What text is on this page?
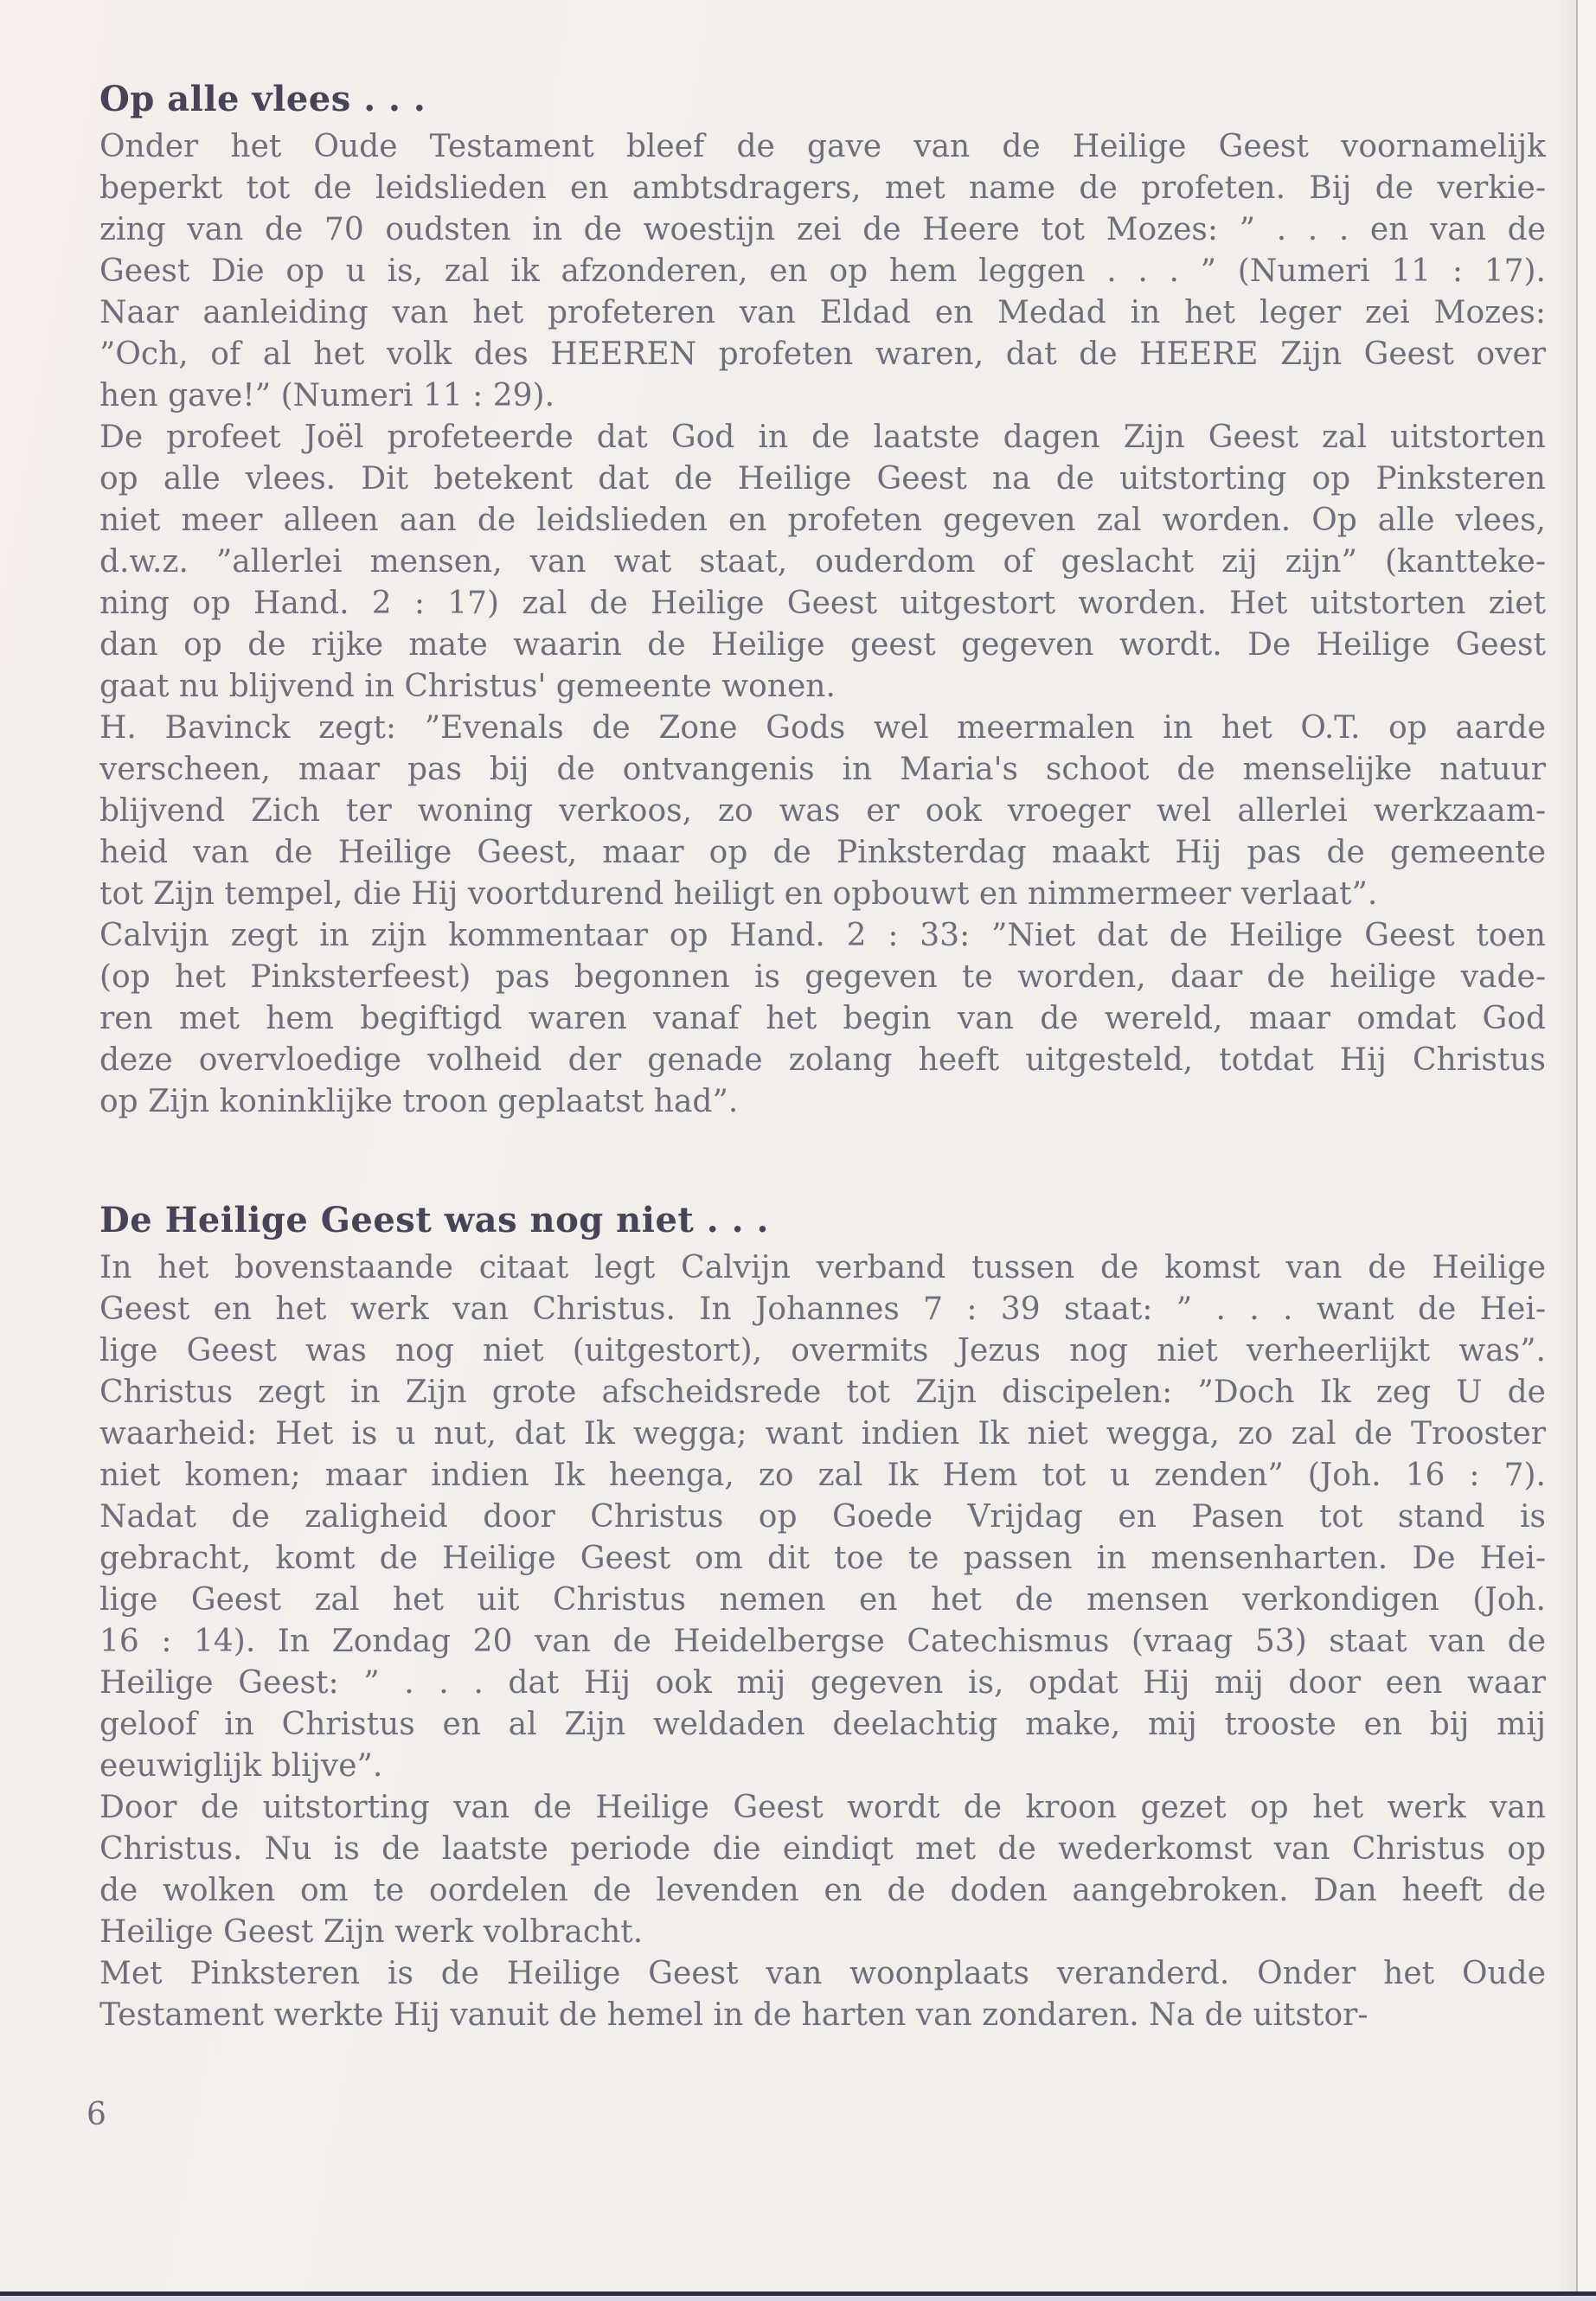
Op alle vlees . . .
Onder het Oude Testament bleef de gave van de Heilige Geest voornamelijk
beperkt tot de leidslieden en ambtsdragers, met name de profeten. Bij de verkie-
zing van de 70 oudsten in de woestijn zei de Heere tot Mozes: ” . . . en van de
Geest Die op u is, zal ik afzonderen, en op hem leggen . . . ” (Numeri 11 : 17).
Naar aanleiding van het profeteren van Eldad en Medad in het leger zei Mozes:
”Och, of al het volk des HEEREN profeten waren, dat de HEERE Zijn Geest over
hen gave!” (Numeri 11 : 29).
De profeet Joël profeteerde dat God in de laatste dagen Zijn Geest zal uitstorten
op alle vlees. Dit betekent dat de Heilige Geest na de uitstorting op Pinksteren
niet meer alleen aan de leidslieden en profeten gegeven zal worden. Op alle vlees,
d.w.z. ”allerlei mensen, van wat staat, ouderdom of geslacht zij zijn” (kantteke-
ning op Hand. 2 : 17) zal de Heilige Geest uitgestort worden. Het uitstorten ziet
dan op de rijke mate waarin de Heilige geest gegeven wordt. De Heilige Geest
gaat nu blijvend in Christus' gemeente wonen.
H. Bavinck zegt: ”Evenals de Zone Gods wel meermalen in het O.T. op aarde
verscheen, maar pas bij de ontvangenis in Maria's schoot de menselijke natuur
blijvend Zich ter woning verkoos, zo was er ook vroeger wel allerlei werkzaam-
heid van de Heilige Geest, maar op de Pinksterdag maakt Hij pas de gemeente
tot Zijn tempel, die Hij voortdurend heiligt en opbouwt en nimmermeer verlaat”.
Calvijn zegt in zijn kommentaar op Hand. 2 : 33: ”Niet dat de Heilige Geest toen
(op het Pinksterfeest) pas begonnen is gegeven te worden, daar de heilige vade-
ren met hem begiftigd waren vanaf het begin van de wereld, maar omdat God
deze overvloedige volheid der genade zolang heeft uitgesteld, totdat Hij Christus
op Zijn koninklijke troon geplaatst had”.
De Heilige Geest was nog niet . . .
In het bovenstaande citaat legt Calvijn verband tussen de komst van de Heilige
Geest en het werk van Christus. In Johannes 7 : 39 staat: ” . . . want de Hei-
lige Geest was nog niet (uitgestort), overmits Jezus nog niet verheerlijkt was”.
Christus zegt in Zijn grote afscheidsrede tot Zijn discipelen: ”Doch Ik zeg U de
waarheid: Het is u nut, dat Ik wegga; want indien Ik niet wegga, zo zal de Trooster
niet komen; maar indien Ik heenga, zo zal Ik Hem tot u zenden” (Joh. 16 : 7).
Nadat de zaligheid door Christus op Goede Vrijdag en Pasen tot stand is
gebracht, komt de Heilige Geest om dit toe te passen in mensenharten. De Hei-
lige Geest zal het uit Christus nemen en het de mensen verkondigen (Joh.
16 : 14). In Zondag 20 van de Heidelbergse Catechismus (vraag 53) staat van de
Heilige Geest: ” . . . dat Hij ook mij gegeven is, opdat Hij mij door een waar
geloof in Christus en al Zijn weldaden deelachtig make, mij trooste en bij mij
eeuwiglijk blijve”.
Door de uitstorting van de Heilige Geest wordt de kroon gezet op het werk van
Christus. Nu is de laatste periode die eindiqt met de wederkomst van Christus op
de wolken om te oordelen de levenden en de doden aangebroken. Dan heeft de
Heilige Geest Zijn werk volbracht.
Met Pinksteren is de Heilige Geest van woonplaats veranderd. Onder het Oude
Testament werkte Hij vanuit de hemel in de harten van zondaren. Na de uitstor-
6
